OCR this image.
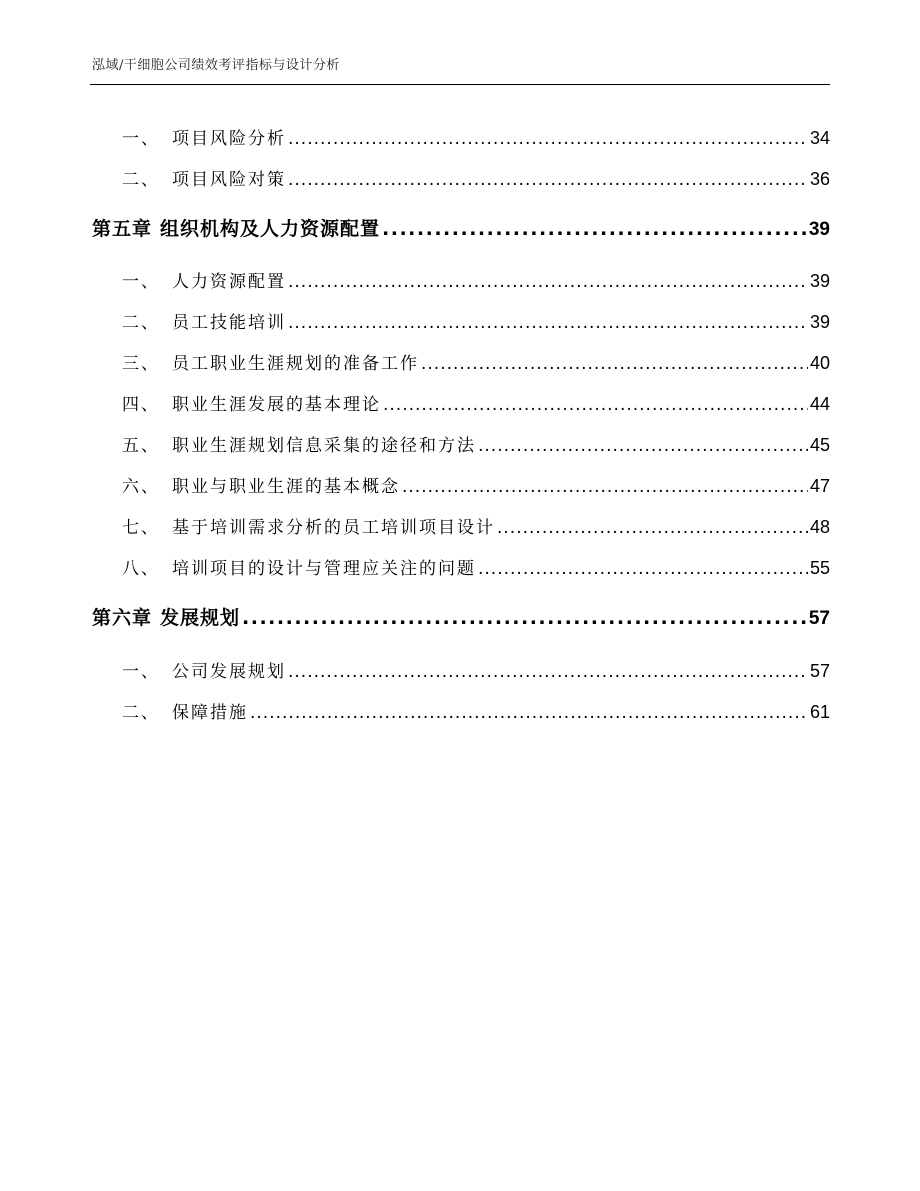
泓域/干细胞公司绩效考评指标与设计分析
一、 项目风险分析 .....	34
二、 项目风险对策 .....	36
第五章 组织机构及人力资源配置 .....	39
一、 人力资源配置 .....	39
二、 员工技能培训 .....	39
三、 员工职业生涯规划的准备工作 .....	40
四、 职业生涯发展的基本理论 .....	44
五、 职业生涯规划信息采集的途径和方法 .....	45
六、 职业与职业生涯的基本概念 .....	47
七、 基于培训需求分析的员工培训项目设计 .....	48
八、 培训项目的设计与管理应关注的问题 .....	55
第六章 发展规划 .....	57
一、 公司发展规划 .....	57
二、 保障措施 .....	61
